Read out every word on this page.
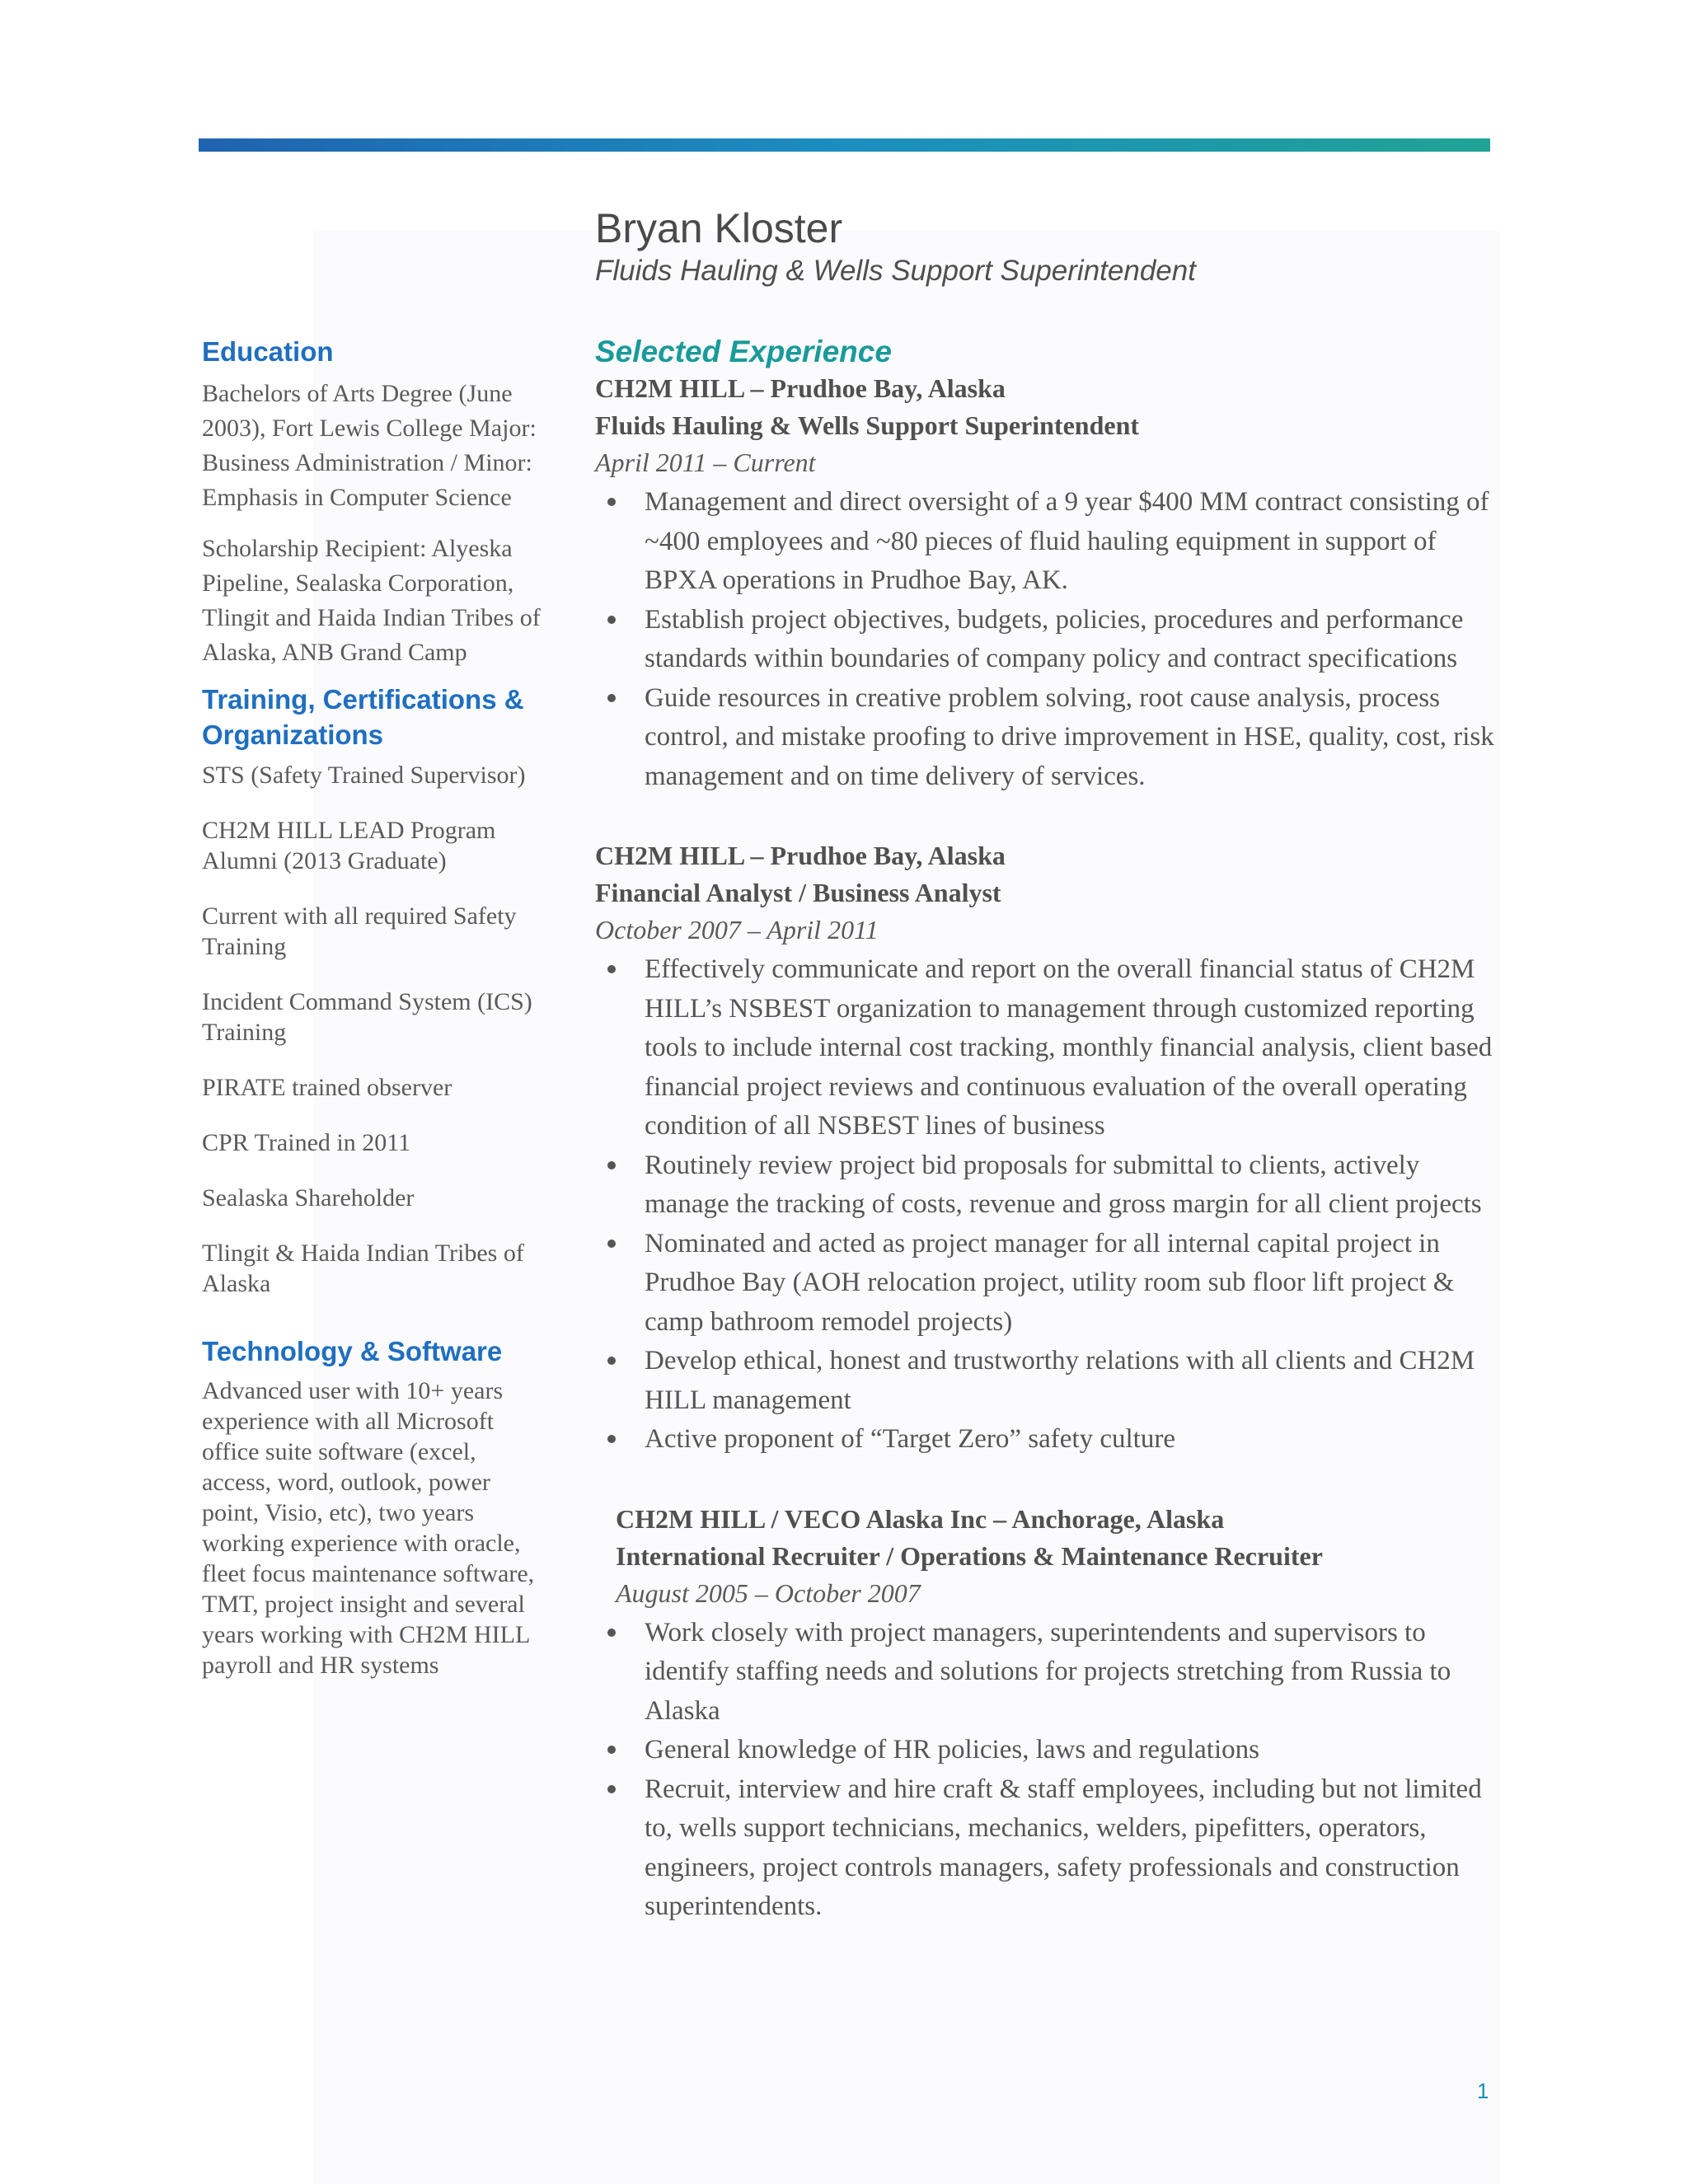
Bryan Kloster
Fluids Hauling & Wells Support Superintendent
Education
Bachelors of Arts Degree (June 2003), Fort Lewis College Major: Business Administration / Minor: Emphasis in Computer Science
Scholarship Recipient: Alyeska Pipeline, Sealaska Corporation, Tlingit and Haida Indian Tribes of Alaska, ANB Grand Camp
Training, Certifications & Organizations
STS (Safety Trained Supervisor)
CH2M HILL LEAD Program Alumni (2013 Graduate)
Current with all required Safety Training
Incident Command System (ICS) Training
PIRATE trained observer
CPR Trained in 2011
Sealaska Shareholder
Tlingit & Haida Indian Tribes of Alaska
Technology & Software
Advanced user with 10+ years experience with all Microsoft office suite software (excel, access, word, outlook, power point, Visio, etc), two years working experience with oracle, fleet focus maintenance software, TMT, project insight and several years working with CH2M HILL payroll and HR systems
Selected Experience
CH2M HILL – Prudhoe Bay, Alaska
Fluids Hauling & Wells Support Superintendent
April 2011 – Current
Management and direct oversight of a 9 year $400 MM contract consisting of ~400 employees and ~80 pieces of fluid hauling equipment in support of BPXA operations in Prudhoe Bay, AK.
Establish project objectives, budgets, policies, procedures and performance standards within boundaries of company policy and contract specifications
Guide resources in creative problem solving, root cause analysis, process control, and mistake proofing to drive improvement in HSE, quality, cost, risk management and on time delivery of services.
CH2M HILL – Prudhoe Bay, Alaska
Financial Analyst / Business Analyst
October 2007 – April 2011
Effectively communicate and report on the overall financial status of CH2M HILL’s NSBEST organization to management through customized reporting tools to include internal cost tracking, monthly financial analysis, client based financial project reviews and continuous evaluation of the overall operating condition of all NSBEST lines of business
Routinely review project bid proposals for submittal to clients, actively manage the tracking of costs, revenue and gross margin for all client projects
Nominated and acted as project manager for all internal capital project in Prudhoe Bay (AOH relocation project, utility room sub floor lift project & camp bathroom remodel projects)
Develop ethical, honest and trustworthy relations with all clients and CH2M HILL management
Active proponent of “Target Zero” safety culture
CH2M HILL / VECO Alaska Inc – Anchorage, Alaska
International Recruiter / Operations & Maintenance Recruiter
August 2005 – October 2007
Work closely with project managers, superintendents and supervisors to identify staffing needs and solutions for projects stretching from Russia to Alaska
General knowledge of HR policies, laws and regulations
Recruit, interview and hire craft & staff employees, including but not limited to, wells support technicians, mechanics, welders, pipefitters, operators, engineers, project controls managers, safety professionals and construction superintendents.
1
